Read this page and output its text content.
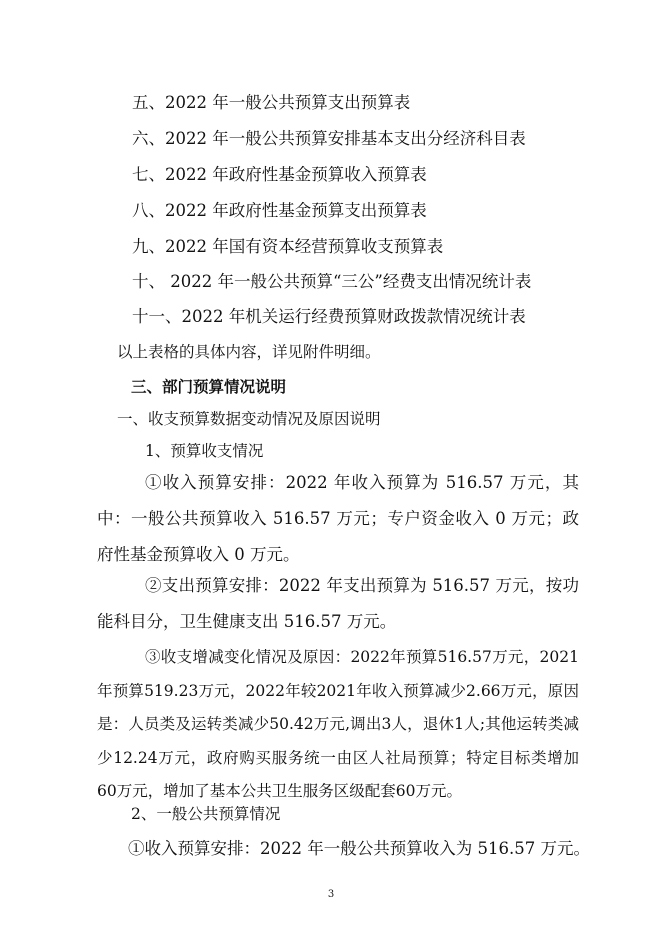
五、2022 年一般公共预算支出预算表
六、2022 年一般公共预算安排基本支出分经济科目表
七、2022 年政府性基金预算收入预算表
八、2022 年政府性基金预算支出预算表
九、2022 年国有资本经营预算收支预算表
十、 2022 年一般公共预算“三公”经费支出情况统计表
十一、2022 年机关运行经费预算财政拨款情况统计表
以上表格的具体内容，详见附件明细。
三、部门预算情况说明
一、收支预算数据变动情况及原因说明
1、预算收支情况
①收入预算安排：2022 年收入预算为 516.57 万元，其中：一般公共预算收入 516.57 万元；专户资金收入 0 万元；政府性基金预算收入 0 万元。
②支出预算安排：2022 年支出预算为 516.57 万元，按功能科目分，卫生健康支出 516.57 万元。
③收支增减变化情况及原因：2022年预算516.57万元，2021年预算519.23万元，2022年较2021年收入预算减少2.66万元，原因是：人员类及运转类减少50.42万元,调出3人，退休1人;其他运转类减少12.24万元，政府购买服务统一由区人社局预算；特定目标类增加60万元，增加了基本公共卫生服务区级配套60万元。
2、一般公共预算情况
①收入预算安排：2022 年一般公共预算收入为 516.57 万元。
3
